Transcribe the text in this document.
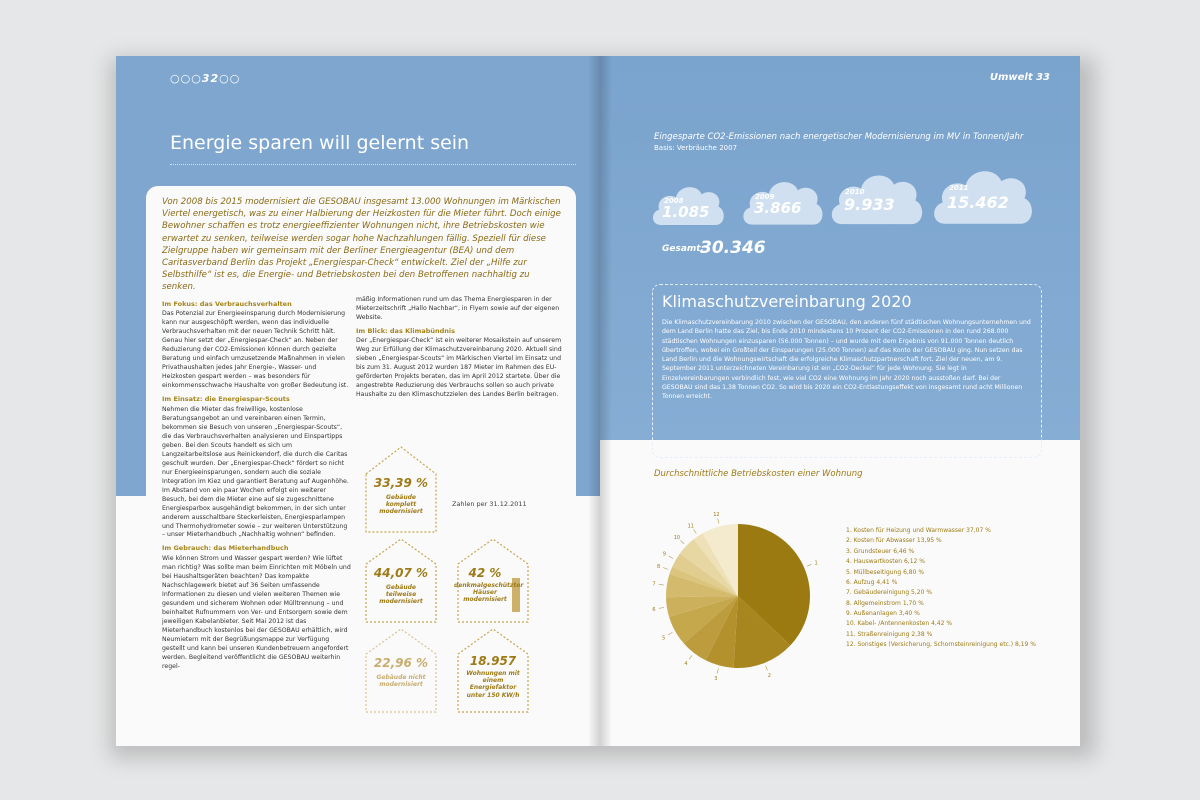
○○○32○○
Energie sparen will gelernt sein

Von 2008 bis 2015 modernisiert die GESOBAU insgesamt 13.000 Wohnungen im Märkischen Viertel energetisch, was zu einer Halbierung der Heizkosten für die Mieter führt. Doch einige Bewohner schaffen es trotz energieeffizienter Wohnungen nicht, ihre Betriebskosten wie erwartet zu senken, teilweise werden sogar hohe Nachzahlungen fällig. Speziell für diese Zielgruppe haben wir gemeinsam mit der Berliner Energieagentur (BEA) und dem Caritasverband Berlin das Projekt „Energiespar-Check“ entwickelt. Ziel der „Hilfe zur Selbsthilfe“ ist es, die Energie- und Betriebskosten bei den Betroffenen nachhaltig zu senken.

Im Fokus: das Verbrauchsverhalten

Das Potenzial zur Energieeinsparung durch Modernisierung kann nur ausgeschöpft werden, wenn das individuelle Verbrauchsverhalten mit der neuen Technik Schritt hält. Genau hier setzt der „Energiespar-Check“ an. Neben der Reduzierung der CO2-Emissionen können durch gezielte Beratung und einfach umzusetzende Maßnahmen in vielen Privathaushalten jedes Jahr Energie-, Wasser- und Heizkosten gespart werden – was besonders für einkommensschwache Haushalte von großer Bedeutung ist.

Im Einsatz: die Energiespar-Scouts

Nehmen die Mieter das freiwillige, kostenlose Beratungsangebot an und vereinbaren einen Termin, bekommen sie Besuch von unseren „Energiespar-Scouts“, die das Verbrauchsverhalten analysieren und Einspartipps geben. Bei den Scouts handelt es sich um Langzeitarbeitslose aus Reinickendorf, die durch die Caritas geschult wurden. Der „Energiespar-Check“ fördert so nicht nur Energieeinsparungen, sondern auch die soziale Integration im Kiez und garantiert Beratung auf Augenhöhe. Im Abstand von ein paar Wochen erfolgt ein weiterer Besuch, bei dem die Mieter eine auf sie zugeschnittene Energiesparbox ausgehändigt bekommen, in der sich unter anderem ausschaltbare Steckerleisten, Energiesparlampen und Thermohydrometer sowie – zur weiteren Unterstützung – unser Mieterhandbuch „Nachhaltig wohnen“ befinden.

Im Gebrauch: das Mieterhandbuch

Wie können Strom und Wasser gespart werden? Wie lüftet man richtig? Was sollte man beim Einrichten mit Möbeln und bei Haushaltsgeräten beachten? Das kompakte Nachschlagewerk bietet auf 36 Seiten umfassende Informationen zu diesen und vielen weiteren Themen wie gesundem und sicherem Wohnen oder Mülltrennung – und beinhaltet Rufnummern von Ver- und Entsorgern sowie dem jeweiligen Kabelanbieter. Seit Mai 2012 ist das Mieterhandbuch kostenlos bei der GESOBAU erhältlich, wird Neumietern mit der Begrüßungsmappe zur Verfügung gestellt und kann bei unseren Kundenbetreuern angefordert werden. Begleitend veröffentlicht die GESOBAU weiterhin regel-

mäßig Informationen rund um das Thema Energiesparen in der Mieterzeitschrift „Hallo Nachbar“, in Flyern sowie auf der eigenen Website.

Im Blick: das Klimabündnis

Der „Energiespar-Check“ ist ein weiterer Mosaikstein auf unserem Weg zur Erfüllung der Klimaschutzvereinbarung 2020. Aktuell sind sieben „Energiespar-Scouts“ im Märkischen Viertel im Einsatz und bis zum 31. August 2012 wurden 187 Mieter im Rahmen des EU-geförderten Projekts beraten, das im April 2012 startete. Über die angestrebte Reduzierung des Verbrauchs sollen so auch private Haushalte zu den Klimaschutzzielen des Landes Berlin beitragen.

33,39 %
Gebäude komplett modernisiert
44,07 %
Gebäude teilweise modernisiert
42 %
denkmalgeschützter Häuser modernisiert
22,96 %
Gebäude nicht modernisiert
18.957
Wohnungen mit einem Energiefaktor unter 150 KW/h
Zahlen per 31.12.2011
Umwelt 33
Eingesparte CO2-Emissionen nach energetischer Modernisierung im MV in Tonnen/Jahr
Basis: Verbräuche 2007
2008
1.085
2009
3.866
2010
9.933
2011
15.462
Gesamt:
30.346
Klimaschutzvereinbarung 2020

Die Klimaschutzvereinbarung 2010 zwischen der GESOBAU, den anderen fünf städtischen Wohnungsunternehmen und dem Land Berlin hatte das Ziel, bis Ende 2010 mindestens 10 Prozent der CO2-Emissionen in den rund 268.000 städtischen Wohnungen einzusparen (56.000 Tonnen) – und wurde mit dem Ergebnis von 91.000 Tonnen deutlich übertroffen, wobei ein Großteil der Einsparungen (25.000 Tonnen) auf das Konto der GESOBAU ging. Nun setzen das Land Berlin und die Wohnungswirtschaft die erfolgreiche Klimaschutzpartnerschaft fort. Ziel der neuen, am 9. September 2011 unterzeichneten Vereinbarung ist ein „CO2-Deckel“ für jede Wohnung. Sie legt in Einzelvereinbarungen verbindlich fest, wie viel CO2 eine Wohnung im Jahr 2020 noch ausstoßen darf. Bei der GESOBAU sind das 1,38 Tonnen CO2. So wird bis 2020 ein CO2-Entlastungseffekt von insgesamt rund acht Millionen Tonnen erreicht.

Durchschnittliche Betriebskosten einer Wohnung
1
2
3
4
5
6
7
8
9
10
11
12
1. Kosten für Heizung und Warmwasser 37,07 %
2. Kosten für Abwasser 13,95 %
3. Grundsteuer 6,46 %
4. Hauswartkosten 6,12 %
5. Müllbeseitigung 6,80 %
6. Aufzug 4,41 %
7. Gebäudereinigung 5,20 %
8. Allgemeinstrom 1,70 %
9. Außenanlagen 3,40 %
10. Kabel- /Antennenkosten 4,42 %
11. Straßenreinigung 2,38 %
12. Sonstiges (Versicherung, Schornsteinreinigung etc.) 8,19 %
